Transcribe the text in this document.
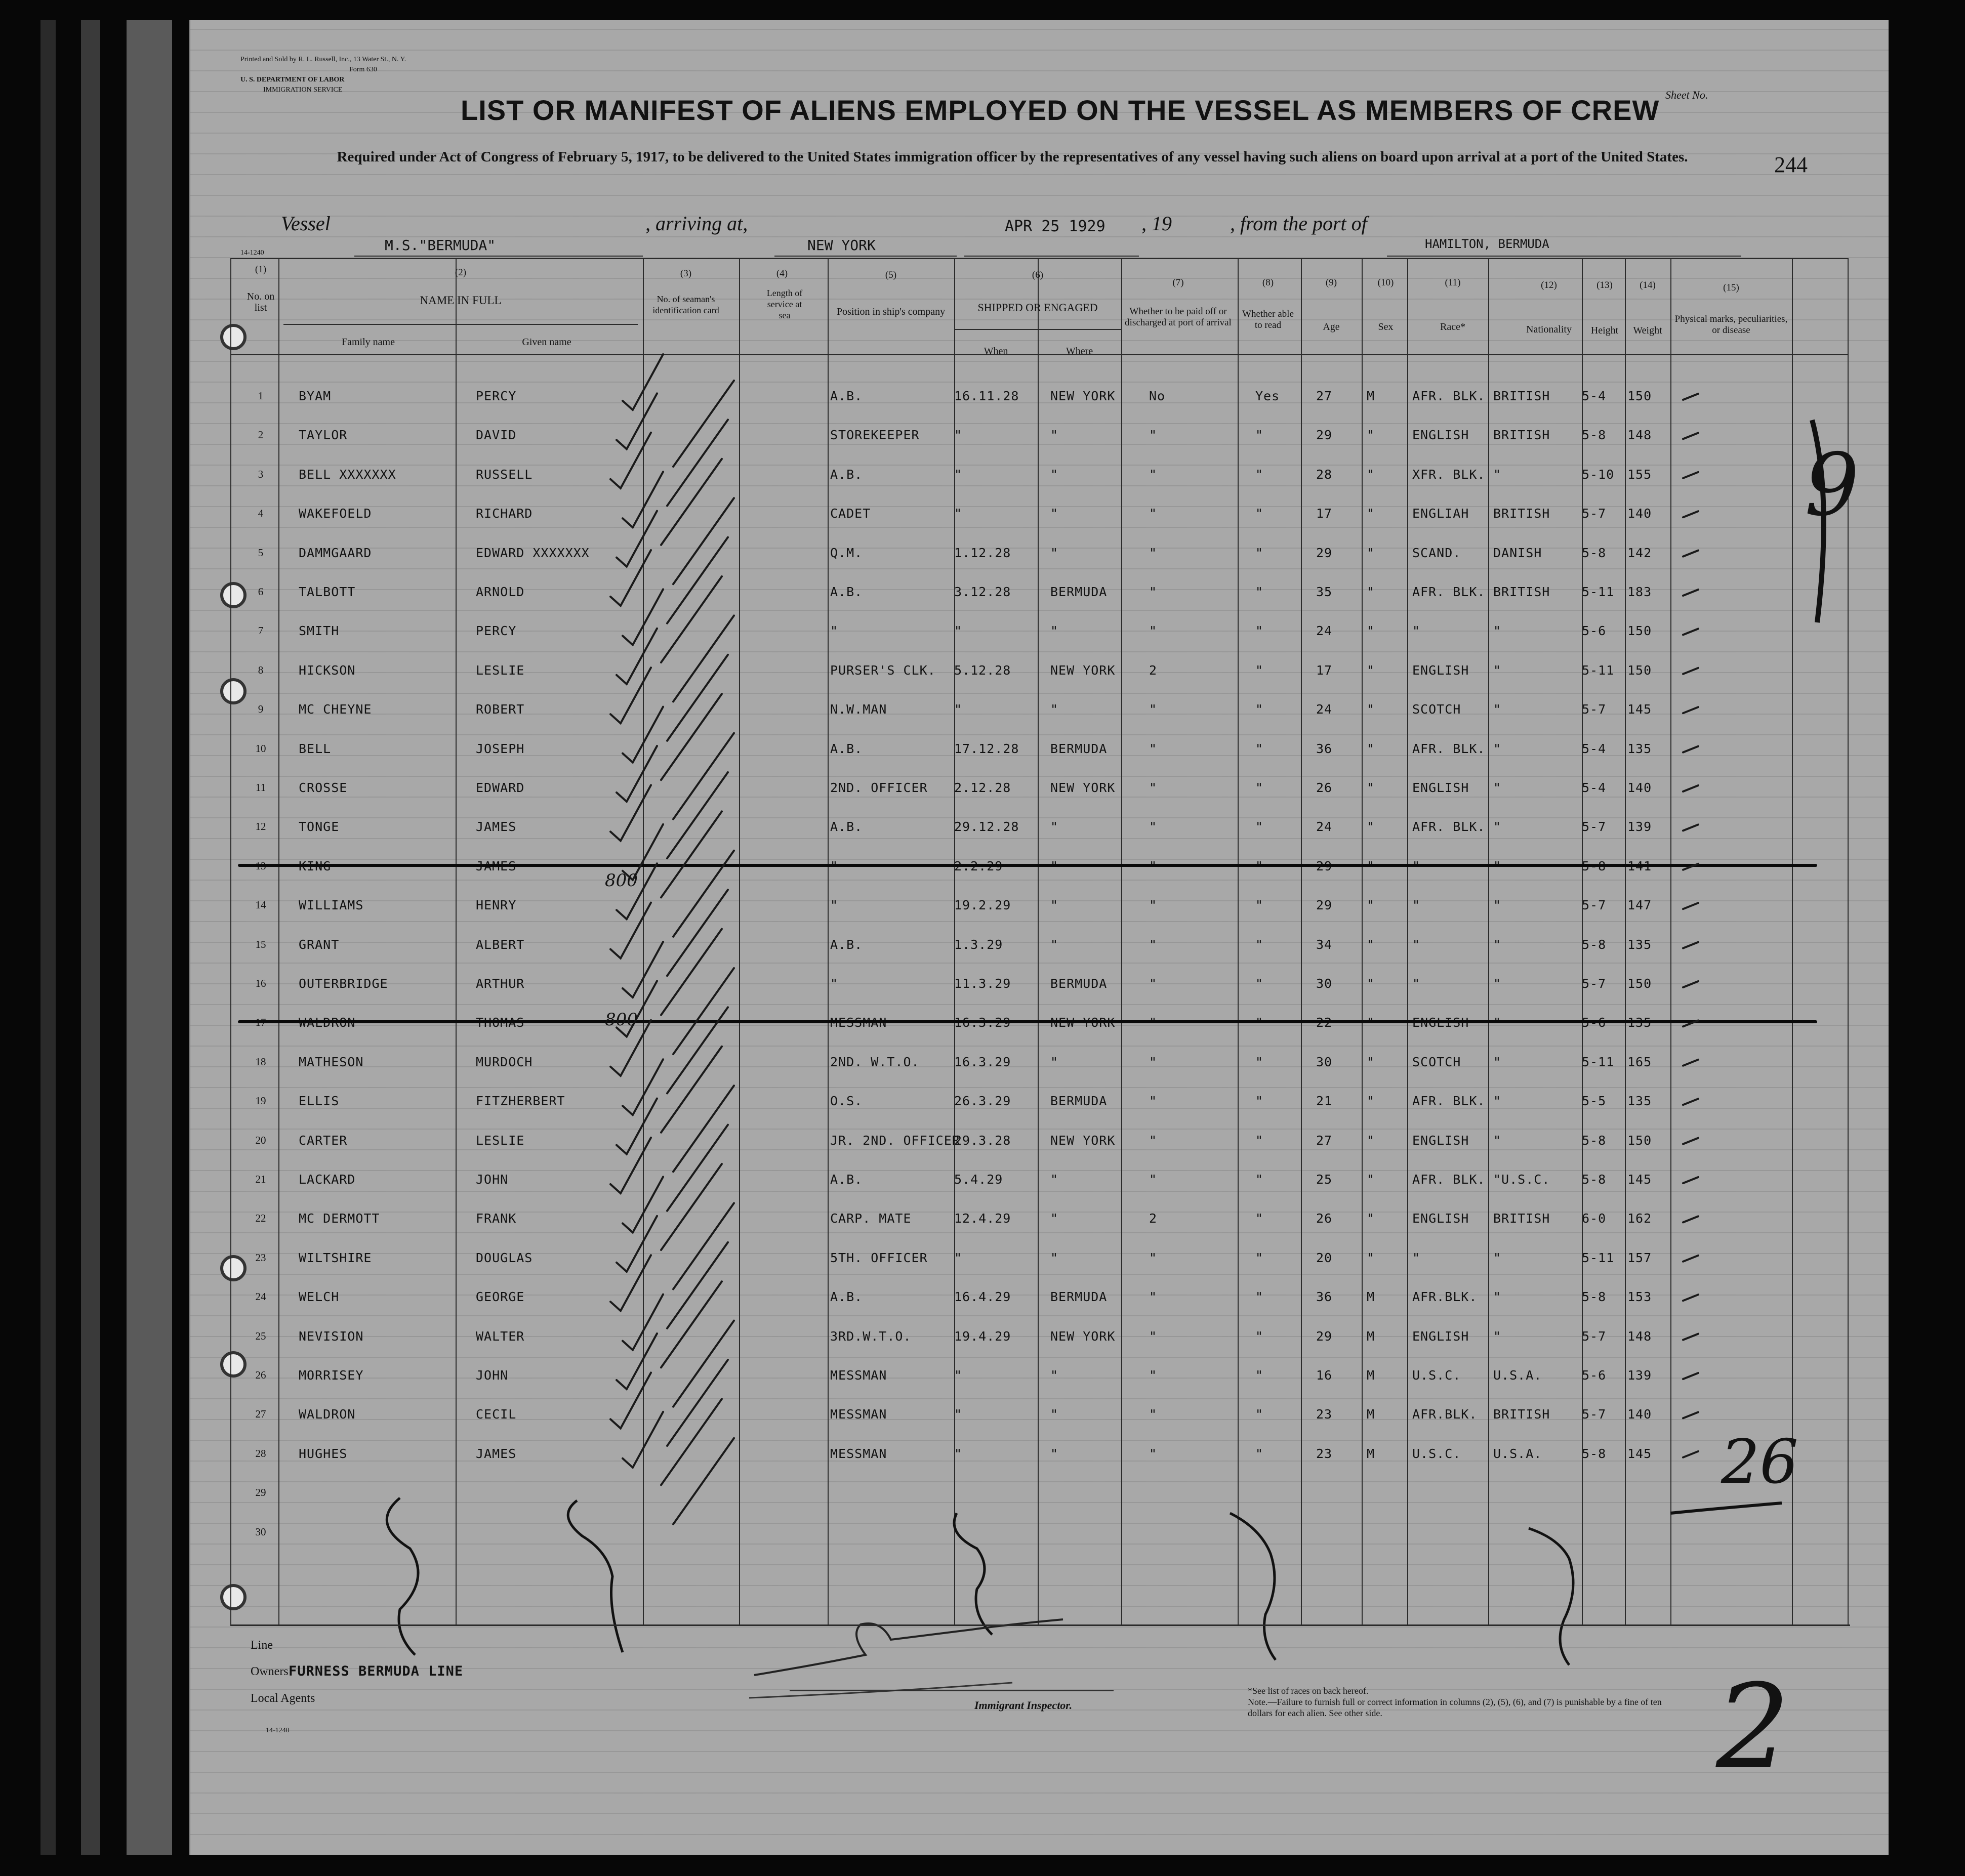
Printed and Sold by R. L. Russell, Inc., 13 Water St., N. Y.
Form 630
U. S. DEPARTMENT OF LABOR
IMMIGRATION SERVICE
LIST OR MANIFEST OF ALIENS EMPLOYED ON THE VESSEL AS MEMBERS OF CREW Sheet No.
Required under Act of Congress of February 5, 1917, to be delivered to the United States immigration officer by the representatives of any vessel having such aliens on board upon arrival at a port of the United States.	244
14-1240
Vessel
M.S."BERMUDA"
, arriving at,
NEW YORK
APR 25 1929 , 19	, from the port of
HAMILTON, BERMUDA
(1)
No. on list
(2)
NAME IN FULL
Family name	Given name
(3)
No. of seaman's identification card
(4)
Length of service at sea
(5)
Position in ship's company
(6)
SHIPPED OR ENGAGED
When	Where
(7)
Whether to be paid off or discharged at port of arrival
(8)
Whether able to read
(9)
Age
(10)
Sex
(11)
Race*
(12)
Nationality
(13)
Height
(14)
Weight
(15)
Physical marks, peculiarities, or disease
1	BYAM	PERCY	A.B.	16.11.28 NEW YORK	No	Yes	27	M	AFR. BLK. BRITISH	5-4 150
2	TAYLOR	DAVID	STOREKEEPER	"	"	"	"	29	"	ENGLISH BRITISH	5-8 148
3	BELL XXXXXXX	RUSSELL	A.B.	"	"	"	"	28	"	XFR. BLK. "	5-10 155
4	WAKEFOELD	RICHARD	CADET	"	"	"	"	17	"	ENGLIAH BRITISH	5-7 140
5	DAMMGAARD	EDWARD XXXXXXX	Q.M.	1.12.28	"	"	"	29	"	SCAND.	DANISH	5-8 142
6	TALBOTT	ARNOLD	A.B.	3.12.28	BERMUDA	"	"	35	"	AFR. BLK. BRITISH	5-11 183
7	SMITH	PERCY	"	"	"	"	"	24	"	"	"	5-6 150
8	HICKSON	LESLIE	PURSER'S CLK. 5.12.28	NEW YORK	2	"	17	"	ENGLISH "	5-11 150
9	MC CHEYNE	ROBERT	N.W.MAN	"	"	"	"	24	"	SCOTCH	"	5-7 145
10	BELL	JOSEPH	A.B.	17.12.28 BERMUDA	"	"	36	"	AFR. BLK. "	5-4 135
11	CROSSE	EDWARD	2ND. OFFICER 2.12.28	NEW YORK	"	"	26	"	ENGLISH "	5-4 140
12	TONGE	JAMES	A.B.	29.12.28 "	"	"	24	"	AFR. BLK. "	5-7 139
14	WILLIAMS	HENRY	"	19.2.29	"	"	"	29	"	"	"	5-7 147
15	GRANT	ALBERT	A.B.	1.3.29	"	"	"	34	"	"	"	5-8 135
16	OUTERBRIDGE	ARTHUR	"	11.3.29	BERMUDA	"	"	30	"	"	"	5-7 150
18	MATHESON	MURDOCH	2ND. W.T.O.	16.3.29	"	"	"	30	"	SCOTCH	"	5-11 165
19	ELLIS	FITZHERBERT	O.S.	26.3.29	BERMUDA	"	"	21	"	AFR. BLK. "	5-5 135
20	CARTER	LESLIE	JR. 2ND. OFFICER
29.3.28	NEW YORK	"	"	27	"	ENGLISH "	5-8 150
21	LACKARD	JOHN	A.B.	5.4.29	"	"	"	25	"	AFR. BLK. "U.S.C.	5-8 145
22	MC DERMOTT	FRANK	CARP. MATE	12.4.29	"	2	"	26	"	ENGLISH BRITISH	6-0 162
23	WILTSHIRE	DOUGLAS	5TH. OFFICER "	"	"	"	20	"	"	"	5-11 157
24	WELCH	GEORGE	A.B.	16.4.29	BERMUDA	"	"	36	M	AFR.BLK. "	5-8 153
25	NEVISION	WALTER	3RD.W.T.O.	19.4.29	NEW YORK	"	"	29	M	ENGLISH "	5-7 148
26	MORRISEY	JOHN	MESSMAN	"	"	"	"	16	M	U.S.C.	U.S.A.	5-6 139
27	WALDRON	CECIL	MESSMAN	"	"	"	"	23	M	AFR.BLK. BRITISH	5-7 140
28	HUGHES	JAMES	MESSMAN	"	"	"	"	23	M	U.S.C.	U.S.A.	5-8 145
29
30
26
2
9
800
800
Line
Owners FURNESS BERMUDA LINE
Local Agents
14-1240
Immigrant Inspector.
*See list of races on back hereof.
Note.—Failure to furnish full or correct information in columns (2), (5), (6), and (7) is punishable by a fine of ten dollars for each alien. See other side.
